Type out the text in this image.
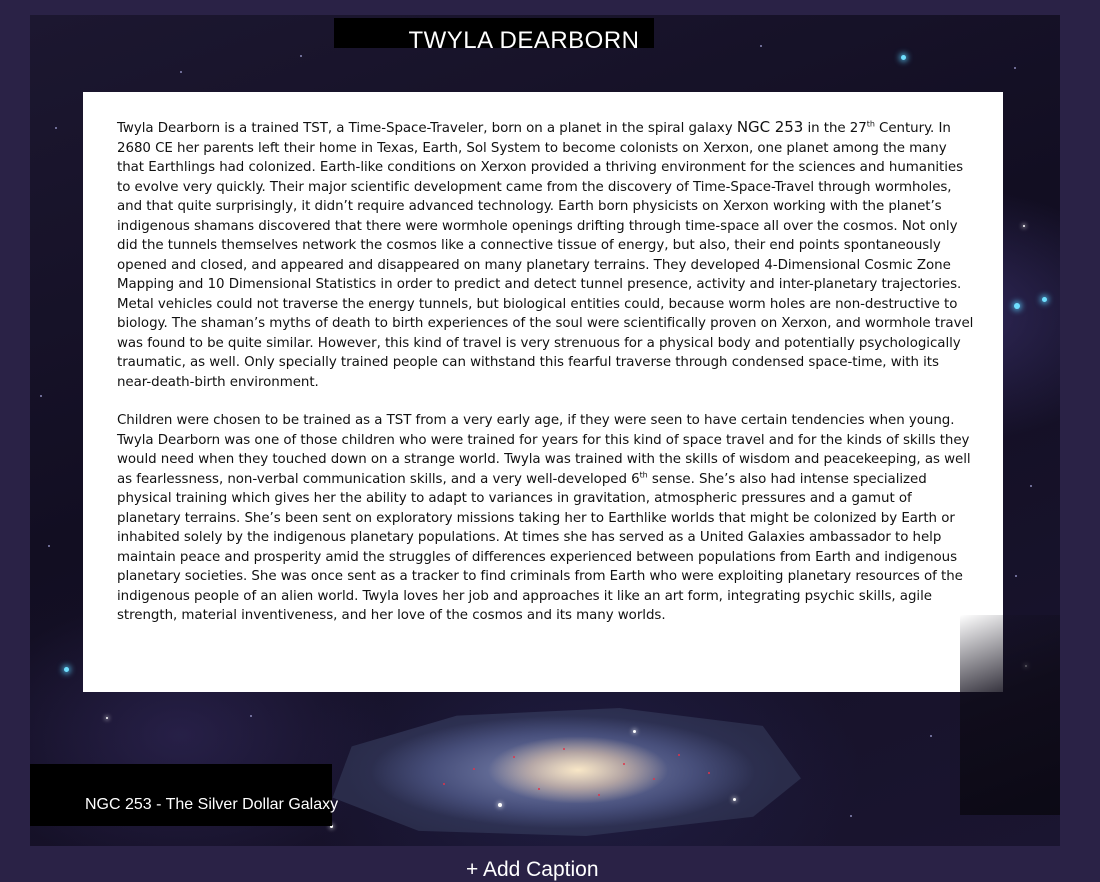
TWYLA DEARBORN

Twyla Dearborn is a trained TST, a Time-Space-Traveler, born on a planet in the spiral galaxy NGC 253 in the 27th Century. In 2680 CE her parents left their home in Texas, Earth, Sol System to become colonists on Xerxon, one planet among the many that Earthlings had colonized. Earth-like conditions on Xerxon provided a thriving environment for the sciences and humanities to evolve very quickly. Their major scientific development came from the discovery of Time-Space-Travel through wormholes, and that quite surprisingly, it didn’t require advanced technology. Earth born physicists on Xerxon working with the planet’s indigenous shamans discovered that there were wormhole openings drifting through time-space all over the cosmos. Not only did the tunnels themselves network the cosmos like a connective tissue of energy, but also, their end points spontaneously opened and closed, and appeared and disappeared on many planetary terrains. They developed 4-Dimensional Cosmic Zone Mapping and 10 Dimensional Statistics in order to predict and detect tunnel presence, activity and inter-planetary trajectories. Metal vehicles could not traverse the energy tunnels, but biological entities could, because worm holes are non-destructive to biology. The shaman’s myths of death to birth experiences of the soul were scientifically proven on Xerxon, and wormhole travel was found to be quite similar. However, this kind of travel is very strenuous for a physical body and potentially psychologically traumatic, as well. Only specially trained people can withstand this fearful traverse through condensed space-time, with its near-death-birth environment.

Children were chosen to be trained as a TST from a very early age, if they were seen to have certain tendencies when young. Twyla Dearborn was one of those children who were trained for years for this kind of space travel and for the kinds of skills they would need when they touched down on a strange world. Twyla was trained with the skills of wisdom and peacekeeping, as well as fearlessness, non-verbal communication skills, and a very well-developed 6th sense. She’s also had intense specialized physical training which gives her the ability to adapt to variances in gravitation, atmospheric pressures and a gamut of planetary terrains. She’s been sent on exploratory missions taking her to Earthlike worlds that might be colonized by Earth or inhabited solely by the indigenous planetary populations. At times she has served as a United Galaxies ambassador to help maintain peace and prosperity amid the struggles of differences experienced between populations from Earth and indigenous planetary societies. She was once sent as a tracker to find criminals from Earth who were exploiting planetary resources of the indigenous people of an alien world. Twyla loves her job and approaches it like an art form, integrating psychic skills, agile strength, material inventiveness, and her love of the cosmos and its many worlds.

NGC 253 - The Silver Dollar Galaxy
+ Add Caption
